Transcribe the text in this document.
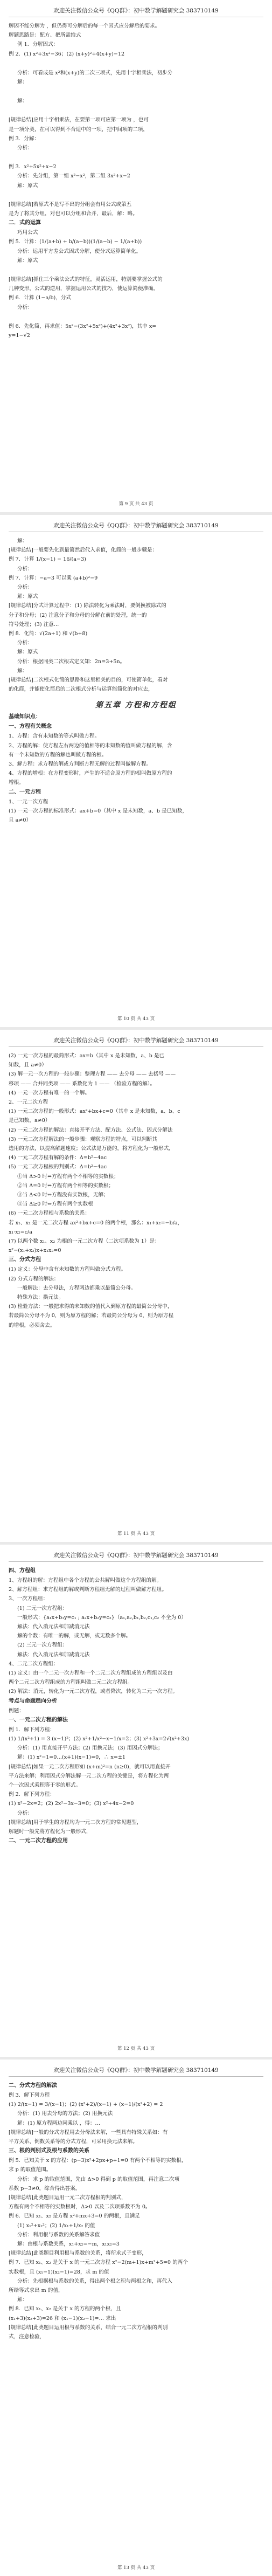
欢迎关注微信公众号《QQ群》：初中数学解题研究会 383710149
解因不能分解为 ，但仍得可分解后的每一个因式应分解后的要求。
解题思路是：配方、把所需给式
例 1．分解因式：
例 2．(1) x²+3x²−36；(2) (x+y)²+4(x+y)−12
分析：可看成是 x²和(x+y)的二次三项式，先用十字相乘法，初步分
解：
解：
[规律总结]应用十字相乘法，在要第一项可应第一项为 ，也可
是一项分类，在可以得到不合适中的一项，把中间项的二项，
例 3．分解：
分析：
例 3．x²+5x²+x−2
分析：先分组，第一组 x²−x²，第二组 3x²+x−2
解：原式
[规律总结]若原式不是写不出的分组会有用公式或第五
是为了将其分组，对也可以分组和合并，最后，解：略。
二．式的运算
巧用公式
例 5．计算：(1/(a+b) + b/(a−b))(1/(a−b) − 1/(a+b))
分析：运用平方差公式因式分解，使分式运算简单化。
解：原式
[规律总结]抓住三个乘法公式的特征，灵活运用，特别要掌握公式的
几种变形，公式的逆用，掌握运用公式的技巧，使运算简便准确。
例 6．计算 (1−a/b)，分式
分析：
例 6．先化简，再求值：5x²−(3x²+5x²)+(4x²+3x²)，其中 x=
y=1−√2
第 9 页 共 43 页
欢迎关注微信公众号《QQ群》：初中数学解题研究会 383710149
解：
[规律总结]一般要先化到最简然后代入求值，化简的一般步骤是：
例 7．计算 1/(x−1) − 16/(a−3)
分析：
例 7．计算：−a−3 可以乘 (a+b)²−9
分析：
解：原式
[规律总结]分式计算过程中：(1) 除法转化为乘法时，要倒换被除式的
分子和分母；(2) 注意分子和分母的分解在前的处理，统一的
符号处理；(3) 注意…
例 8．化简：√(2a+1) 和 √(b+8)
分析：
解：原式
分析：根据同类二次根式定义知：2n=3+5n。
解：
[规律总结]二次根式化简的思路和这里相关的目的，可使简单化，看对
的化简，并能使化简后的二次根式分析与运算能简化的对应去，
第五章 方程和方程组
基础知识点：
一、方程有关概念
1、方程：含有未知数的等式叫做方程。
2、方程的解：使方程左右两边的值相等的未知数的值叫做方程的解，含
有一个未知数的方程的解也叫做方程的根。
3、解方程：求方程的解或方判断方程无解的过程叫做解方程。
4、方程的增根：在方程变形时，产生的不适合原方程的根叫做原方程的
增根。
二、一元方程
1、一元一次方程
(1) 一元一次方程的标准形式：ax+b=0（其中 x 是未知数，a、b 是已知数，
且 a≠0）
第 10 页 共 43 页
欢迎关注微信公众号《QQ群》：初中数学解题研究会 383710149
(2) 一元一次方程的最简形式：ax=b（其中 x 是未知数，a、b 是已
知数，且 a≠0）
(3) 解一元一次方程的一般步骤：整理方程 —— 去分母 —— 去括号 ——
移项 —— 合并同类项 —— 系数化为 1 —— （检验方程的解）。
(4) 一元一次方程有唯一的一个解。
2、一元二次方程
(1) 一元二次方程的一般形式：ax²+bx+c=0（其中 x 是未知数，a、b、c
是已知数，a≠0）
(2) 一元二次方程的解法：直接开平方法、配方法、公式法、因式分解法
(3) 一元二次方程解法的一般步骤：观察方程的特点，可以判断其
选用的方法，以提高解题速度；公式法是万能的，将方程化为一般形式，
(4) 一元二次方程有解的条件：Δ=b²−4ac
(5) 一元二次方程根的判别式：Δ=b²−4ac
①当 Δ>0 时⇔方程有两个不相等的实数根；
②当 Δ=0 时⇔方程有两个相等的实数根；
③当 Δ<0 时⇔方程没有实数根，无解；
④当 Δ≥0 时⇔方程有两个实数根
(6) 一元二次方程根与系数的关系：
若 x₁、x₂ 是一元二次方程 ax²+bx+c=0 的两个根，那么：x₁+x₂=−b/a，
x₁·x₂=c/a
(7) 以两个数 x₁、x₂ 为根的一元二次方程（二次项系数为 1）是：
x²−(x₁+x₂)x+x₁x₂=0
三、分式方程
(1) 定义：分母中含有未知数的方程叫做分式方程。
(2) 分式方程的解法：
一般解法：去分母法，方程两边都乘以最简公分母。
特殊方法：换元法。
(3) 检验方法：一般把求得的未知数的值代入到原方程的最简公分母中，
若最简公分母不为 0，则为原方程的解；若最简公分母为 0，则为原方程
的增根，必须舍去。
第 11 页 共 43 页
欢迎关注微信公众号《QQ群》：初中数学解题研究会 383710149
四、方程组
1、方程组的解：方程组中各个方程的公共解叫做这个方程组的解。
2、解方程组：求方程组的解或判断方程组无解的过程叫做解方程组。
3、一次方程组：
(1) 二元一次方程组：
一般形式：{a₁x+b₁y=c₁ ; a₂x+b₂y=c₂}（a₁,a₂,b₁,b₂,c₁,c₂ 不全为 0）
解法：代入消元法和加减消元法
解的个数：有唯一的解，或无解，或无数多个解。
(2) 三元一次方程组：
解法：代入消元法和加减消元法
4、二元二次方程组：
(1) 定义：由一个二元一次方程和一个二元二次方程组成的方程组以及由
两个二元二次方程组成的方程组叫做二元二次方程组。
(2) 解法：消元，转化为一元二次方程，或者降次，转化为二元一次方程。
考点与命题趋向分析
例题：
一、一元二次方程的解法
例 1．解下列方程：
(1) 1/(x²+1) = 3 (x−1)²；(2) x²+1/x²−x−1/x=2；(3) x²+3x=2√(x²+3x)
分析：(1) 用直接开平方法；(2) 用换元法；(3) 用因式分解法；
解：(1) x²−1=0…(x+1)(x−1)=0，∴ x=±1
[规律总结]如果一元二次方程形如 (x+m)²=n (n≥0)，就可以用直接开
平方法来解；利用因式分解法解一元二次方程的关键是，将方程化为两
个一次因式乘积等于零的形式。
例 2．解下列方程：
(1) x²−2x=2；(2) 2x²−3x−3=0；(3) x²+4x−2=0
分析：
[规律总结]用于学生的方程均为一元二次方程的常见题型，
解题时一般先将方程化为一般形式，
二、一元二次方程的应用
第 12 页 共 43 页
欢迎关注微信公众号《QQ群》：初中数学解题研究会 383710149
二、分式方程的解法
例 3．解下列方程
(1) 2/(x−1) = 3/(x−1)；(2) (x²+2)/(x−1) + (x−1)/(x²+2) = 2
分析：(1) 用去分母的方法；(2) 用换元法
解：(1) 原方程两边同乘以 ，得：…
[规律总结]一般的分式方程用去分母法来解，一些具有特殊关系如：有
平方关系、倒数关系等的分式方程，可采用换元法来解。
三、根的判别式及根与系数的关系
例 5．已知关于 x 的方程：(p−3)x²+2px+p+1=0 有两个不相等的实数根，
求 p 的取值范围。
分析：求 p 的取值范围，先由 Δ>0 得到 p 的取值范围，再注意二次项
系数 p−3≠0，综合得出答案。
[规律总结]此类题目运用一元二次方程根的判别式，
方程有两个不相等的实数根时，Δ>0 以及二次项系数不为 0。
例 6．已知 x₁、x₂ 是方程 x²+mx+3=0 的两根，且满足
(1) x₁²+x₂²；(2) 1/x₁+1/x₂ 的值
分析：利用根与系数的关系解答求值
解：由根与系数关系，x₁+x₂=−m，x₁x₂=3
[规律总结]此类题目利用根与系数的关系，将所求式子变形，
例 7．已知 x₁、x₂ 是关于 x 的一元二次方程 x²−2(m+1)x+m²+5=0 的两个
实数根，且 (x₁−1)(x₂−1)=28，求 m 的值
分析：先根据根与系数的关系，得出两个根之积与两根之和，再代入
所给等式求出 m 的值，
解：
例 8．已知 x₁、x₂ 是关于 x 的方程的两个根，且
(x₁+3)(x₂+3)=26 和 (x₁−1)(x₂−1)=… 求出
[规律总结]此类题目运用根与系数的关系，结合一元二次方程根的判别
式，注意检验，
第 13 页 共 43 页
